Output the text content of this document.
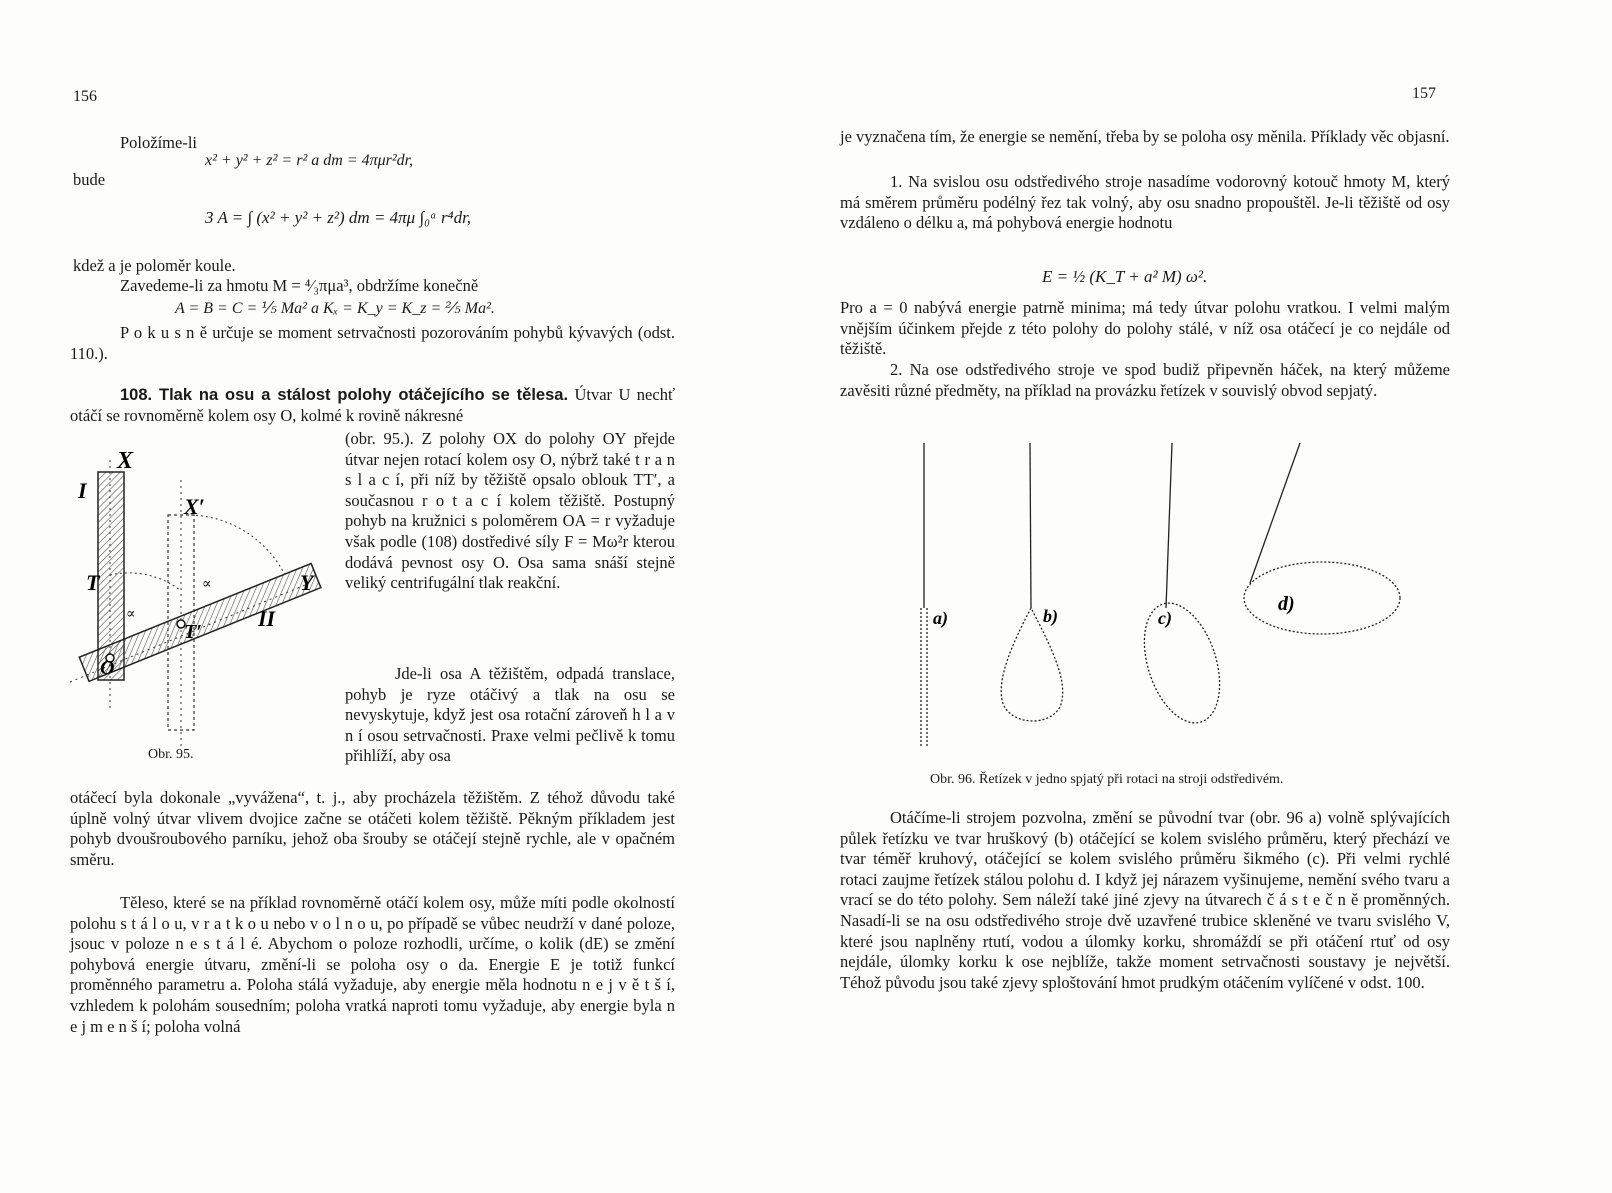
156
Položíme-li
x² + y² + z² = r² a dm = 4πμr²dr,
bude
3 A = ∫ (x² + y² + z²) dm = 4πμ ∫₀ᵃ r⁴dr,
kdež a je poloměr koule.
Zavedeme-li za hmotu M = ⁴⁄₃πμa³, obdržíme konečně
A = B = C = ⅕ Ma² a Kₓ = K_y = K_z = ⅖ Ma².

P o k u s n ě určuje se moment setrvačnosti pozorováním pohybů kývavých (odst. 110.).

108. Tlak na osu a stálost polohy otáčejícího se tělesa. Útvar U nechť otáčí se rovnoměrně kolem osy O, kolmé k rovině nákresné

(obr. 95.). Z polohy OX do polohy OY přejde útvar nejen rotací kolem osy O, nýbrž také t r a n s l a c í, při níž by těžiště opsalo oblouk TT′, a současnou r o t a c í kolem těžiště. Postupný pohyb na kružnici s poloměrem OA = r vyžaduje však podle (108) dostředivé síly F = Mω²r kterou dodává pevnost osy O. Osa sama snáší stejně veliký centrifugální tlak reakční.

Jde-li osa A těžištěm, odpadá translace, pohyb je ryze otáčivý a tlak na osu se nevyskytuje, když jest osa rotační zároveň h l a v n í osou setrvačnosti. Praxe velmi pečlivě k tomu přihlíží, aby osa

X
X′
Y
I
II
T
T′
O
∝
∝
Obr. 95.

otáčecí byla dokonale „vyvážena“, t. j., aby procházela těžištěm. Z téhož důvodu také úplně volný útvar vlivem dvojice začne se otáčeti kolem těžiště. Pěkným příkladem jest pohyb dvoušroubového parníku, jehož oba šrouby se otáčejí stejně rychle, ale v opačném směru.

Těleso, které se na příklad rovnoměrně otáčí kolem osy, může míti podle okolností polohu s t á l o u, v r a t k o u nebo v o l n o u, po případě se vůbec neudrží v dané poloze, jsouc v poloze n e s t á l é. Abychom o poloze rozhodli, určíme, o kolik (dE) se změní pohybová energie útvaru, změní-li se poloha osy o da. Energie E je totiž funkcí proměnného parametru a. Poloha stálá vyžaduje, aby energie měla hodnotu n e j v ě t š í, vzhledem k polohám sousedním; poloha vratká naproti tomu vyžaduje, aby energie byla n e j m e n š í; poloha volná

157

je vyznačena tím, že energie se nemění, třeba by se poloha osy měnila. Příklady věc objasní.

1. Na svislou osu odstředivého stroje nasadíme vodorovný kotouč hmoty M, který má směrem průměru podélný řez tak volný, aby osu snadno propouštěl. Je-li těžiště od osy vzdáleno o délku a, má pohybová energie hodnotu

E = ½ (K_T + a² M) ω².

Pro a = 0 nabývá energie patrně minima; má tedy útvar polohu vratkou. I velmi malým vnějším účinkem přejde z této polohy do polohy stálé, v níž osa otáčecí je co nejdále od těžiště.

2. Na ose odstředivého stroje ve spod budiž připevněn háček, na který můžeme zavěsiti různé předměty, na příklad na provázku řetízek v souvislý obvod sepjatý.

a)	b)	c)
d)
Obr. 96. Řetízek v jedno spjatý při rotaci na stroji odstředivém.

Otáčíme-li strojem pozvolna, změní se původní tvar (obr. 96 a) volně splývajících půlek řetízku ve tvar hruškový (b) otáčející se kolem svislého průměru, který přechází ve tvar téměř kruhový, otáčející se kolem svislého průměru šikmého (c). Při velmi rychlé rotaci zaujme řetízek stálou polohu d. I když jej nárazem vyšinujeme, nemění svého tvaru a vrací se do této polohy. Sem náleží také jiné zjevy na útvarech č á s t e č n ě proměnných. Nasadí-li se na osu odstředivého stroje dvě uzavřené trubice skleněné ve tvaru svislého V, které jsou naplněny rtutí, vodou a úlomky korku, shromáždí se při otáčení rtuť od osy nejdále, úlomky korku k ose nejblíže, takže moment setrvačnosti soustavy je největší. Téhož původu jsou také zjevy sploštování hmot prudkým otáčením vylíčené v odst. 100.
